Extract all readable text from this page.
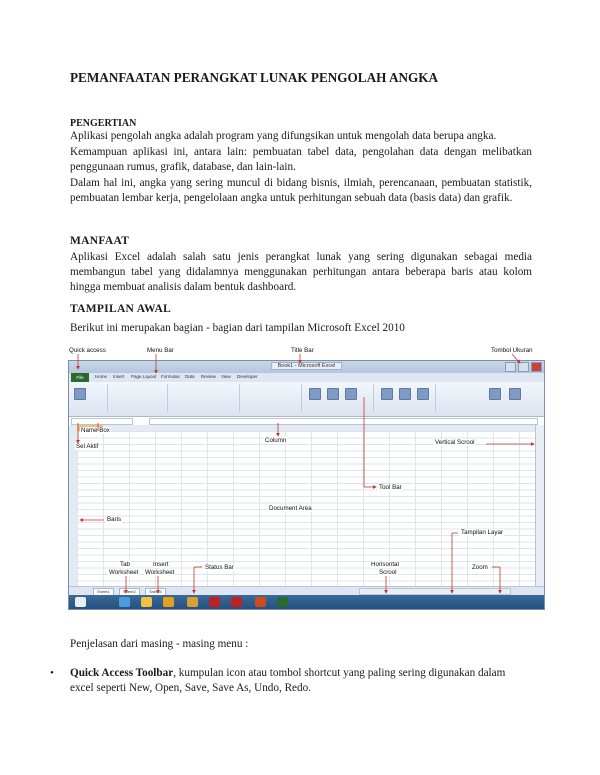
PEMANFAATAN PERANGKAT LUNAK PENGOLAH ANGKA
PENGERTIAN
Aplikasi pengolah angka adalah program yang difungsikan untuk mengolah data berupa angka.
Kemampuan aplikasi ini, antara lain: pembuatan tabel data, pengolahan data dengan melibatkan penggunaan rumus, grafik, database, dan lain-lain.
Dalam hal ini, angka yang sering muncul di bidang bisnis, ilmiah, perencanaan, pembuatan statistik, pembuatan lembar kerja, pengelolaan angka untuk perhitungan sebuah data (basis data) dan grafik.
MANFAAT
Aplikasi Excel adalah salah satu jenis perangkat lunak yang sering digunakan sebagai media membangun tabel yang didalamnya menggunakan perhitungan antara beberapa baris atau kolom hingga membuat analisis dalam bentuk dashboard.
TAMPILAN AWAL
Berikut ini merupakan bagian - bagian dari tampilan Microsoft Excel 2010
Book1 - Microsoft Excel
File	Home Insert Page Layout Formulas Data Review View Developer
Sheet1	Sheet2	Sheet3
Quick access	Menu Bar	Title Bar	Tombol Ukuran
Name Box
Sel Aktif
Column	Vertical Scrool
Tool Bar
Document Area
Baris
Tampilan Layar
Tab
Worksheet
Insert
Worksheet
Status Bar	Horisontal
Scrool
Zoom
Penjelasan dari masing - masing menu :
• Quick Access Toolbar, kumpulan icon atau tombol shortcut yang paling sering digunakan dalam excel seperti New, Open, Save, Save As, Undo, Redo.
